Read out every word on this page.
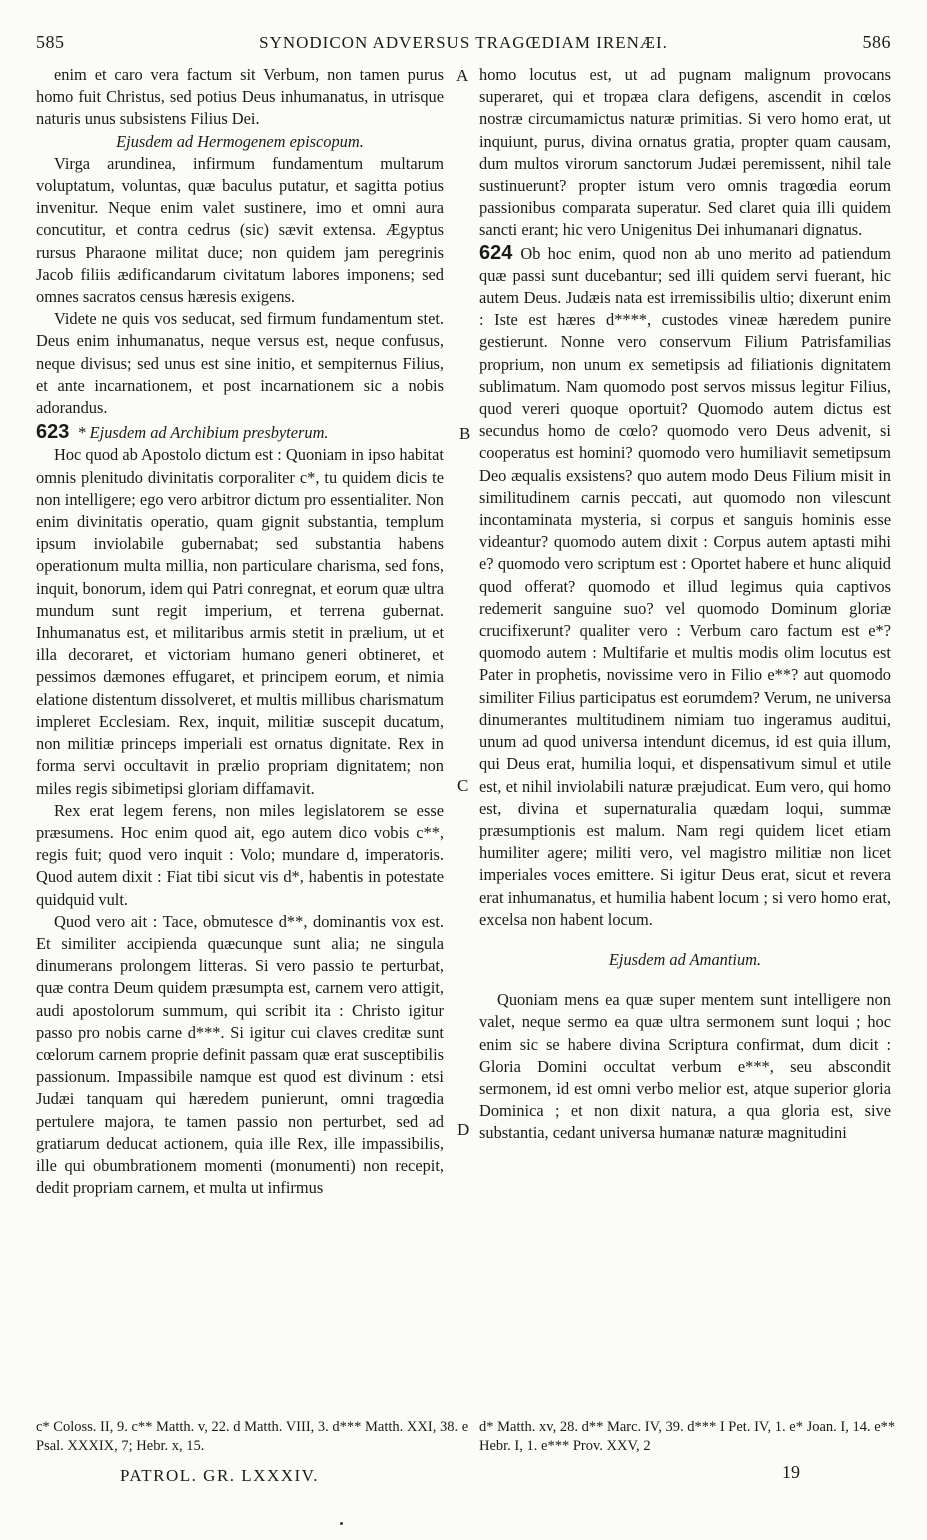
585	SYNODICON ADVERSUS TRAGŒDIAM IRENÆI.	586

enim et caro vera factum sit Verbum, non tamen purus homo fuit Christus, sed potius Deus inhumanatus, in utrisque naturis unus subsistens Filius Dei.

Ejusdem ad Hermogenem episcopum.

Virga arundinea, infirmum fundamentum multarum voluptatum, voluntas, quæ baculus putatur, et sagitta potius invenitur. Neque enim valet sustinere, imo et omni aura concutitur, et contra cedrus (sic) sævit extensa. Ægyptus rursus Pharaone militat duce; non quidem jam peregrinis Jacob filiis ædificandarum civitatum labores imponens; sed omnes sacratos census hæresis exigens.

Videte ne quis vos seducat, sed firmum fundamentum stet. Deus enim inhumanatus, neque versus est, neque confusus, neque divisus; sed unus est sine initio, et sempiternus Filius, et ante incarnationem, et post incarnationem sic a nobis adorandus.

623 * Ejusdem ad Archibium presbyterum.

Hoc quod ab Apostolo dictum est : Quoniam in ipso habitat omnis plenitudo divinitatis corporaliter c*, tu quidem dicis te non intelligere; ego vero arbitror dictum pro essentialiter. Non enim divinitatis operatio, quam gignit substantia, templum ipsum inviolabile gubernabat; sed substantia habens operationum multa millia, non particulare charisma, sed fons, inquit, bonorum, idem qui Patri conregnat, et eorum quæ ultra mundum sunt regit imperium, et terrena gubernat. Inhumanatus est, et militaribus armis stetit in prælium, ut et illa decoraret, et victoriam humano generi obtineret, et pessimos dæmones effugaret, et principem eorum, et nimia elatione distentum dissolveret, et multis millibus charismatum impleret Ecclesiam. Rex, inquit, militiæ suscepit ducatum, non militiæ princeps imperiali est ornatus dignitate. Rex in forma servi occultavit in prælio propriam dignitatem; non miles regis sibimetipsi gloriam diffamavit.

Rex erat legem ferens, non miles legislatorem se esse præsumens. Hoc enim quod ait, ego autem dico vobis c**, regis fuit; quod vero inquit : Volo; mundare d, imperatoris. Quod autem dixit : Fiat tibi sicut vis d*, habentis in potestate quidquid vult.

Quod vero ait : Tace, obmutesce d**, dominantis vox est. Et similiter accipienda quæcunque sunt alia; ne singula dinumerans prolongem litteras. Si vero passio te perturbat, quæ contra Deum quidem præsumpta est, carnem vero attigit, audi apostolorum summum, qui scribit ita : Christo igitur passo pro nobis carne d***. Si igitur cui claves creditæ sunt cœlorum carnem proprie definit passam quæ erat susceptibilis passionum. Impassibile namque est quod est divinum : etsi Judæi tanquam qui hæredem punierunt, omni tragœdia pertulere majora, te tamen passio non perturbet, sed ad gratiarum deducat actionem, quia ille Rex, ille impassibilis, ille qui obumbrationem momenti (monumenti) non recepit, dedit propriam carnem, et multa ut infirmus

A
B
C
D

homo locutus est, ut ad pugnam malignum provocans superaret, qui et tropæa clara defigens, ascendit in cœlos nostræ circumamictus naturæ primitias. Si vero homo erat, ut inquiunt, purus, divina ornatus gratia, propter quam causam, dum multos virorum sanctorum Judæi peremissent, nihil tale sustinuerunt? propter istum vero omnis tragœdia eorum passionibus comparata superatur. Sed claret quia illi quidem sancti erant; hic vero Unigenitus Dei inhumanari dignatus.

624 Ob hoc enim, quod non ab uno merito ad patiendum quæ passi sunt ducebantur; sed illi quidem servi fuerant, hic autem Deus. Judæis nata est irremissibilis ultio; dixerunt enim : Iste est hæres d****, custodes vineæ hæredem punire gestierunt. Nonne vero conservum Filium Patrisfamilias proprium, non unum ex semetipsis ad filiationis dignitatem sublimatum. Nam quomodo post servos missus legitur Filius, quod vereri quoque oportuit? Quomodo autem dictus est secundus homo de cœlo? quomodo vero Deus advenit, si cooperatus est homini? quomodo vero humiliavit semetipsum Deo æqualis exsistens? quo autem modo Deus Filium misit in similitudinem carnis peccati, aut quomodo non vilescunt incontaminata mysteria, si corpus et sanguis hominis esse videantur? quomodo autem dixit : Corpus autem aptasti mihi e? quomodo vero scriptum est : Oportet habere et hunc aliquid quod offerat? quomodo et illud legimus quia captivos redemerit sanguine suo? vel quomodo Dominum gloriæ crucifixerunt? qualiter vero : Verbum caro factum est e*? quomodo autem : Multifarie et multis modis olim locutus est Pater in prophetis, novissime vero in Filio e**? aut quomodo similiter Filius participatus est eorumdem? Verum, ne universa dinumerantes multitudinem nimiam tuo ingeramus auditui, unum ad quod universa intendunt dicemus, id est quia illum, qui Deus erat, humilia loqui, et dispensativum simul et utile est, et nihil inviolabili naturæ præjudicat. Eum vero, qui homo est, divina et supernaturalia quædam loqui, summæ præsumptionis est malum. Nam regi quidem licet etiam humiliter agere; militi vero, vel magistro militiæ non licet imperiales voces emittere. Si igitur Deus erat, sicut et revera erat inhumanatus, et humilia habent locum ; si vero homo erat, excelsa non habent locum.

Ejusdem ad Amantium.

Quoniam mens ea quæ super mentem sunt intelligere non valet, neque sermo ea quæ ultra sermonem sunt loqui ; hoc enim sic se habere divina Scriptura confirmat, dum dicit : Gloria Domini occultat verbum e***, seu abscondit sermonem, id est omni verbo melior est, atque superior gloria Dominica ; et non dixit natura, a qua gloria est, sive substantia, cedant universa humanæ naturæ magnitudini

c* Coloss. II, 9. c** Matth. v, 22. d Matth. VIII, 3. d*** Matth. XXI, 38. e Psal. XXXIX, 7; Hebr. x, 15.
d* Matth. xv, 28. d** Marc. IV, 39. d*** I Pet. IV, 1. e* Joan. I, 14. e** Hebr. I, 1. e*** Prov. XXV, 2
PATROL. GR. LXXXIV.	19
